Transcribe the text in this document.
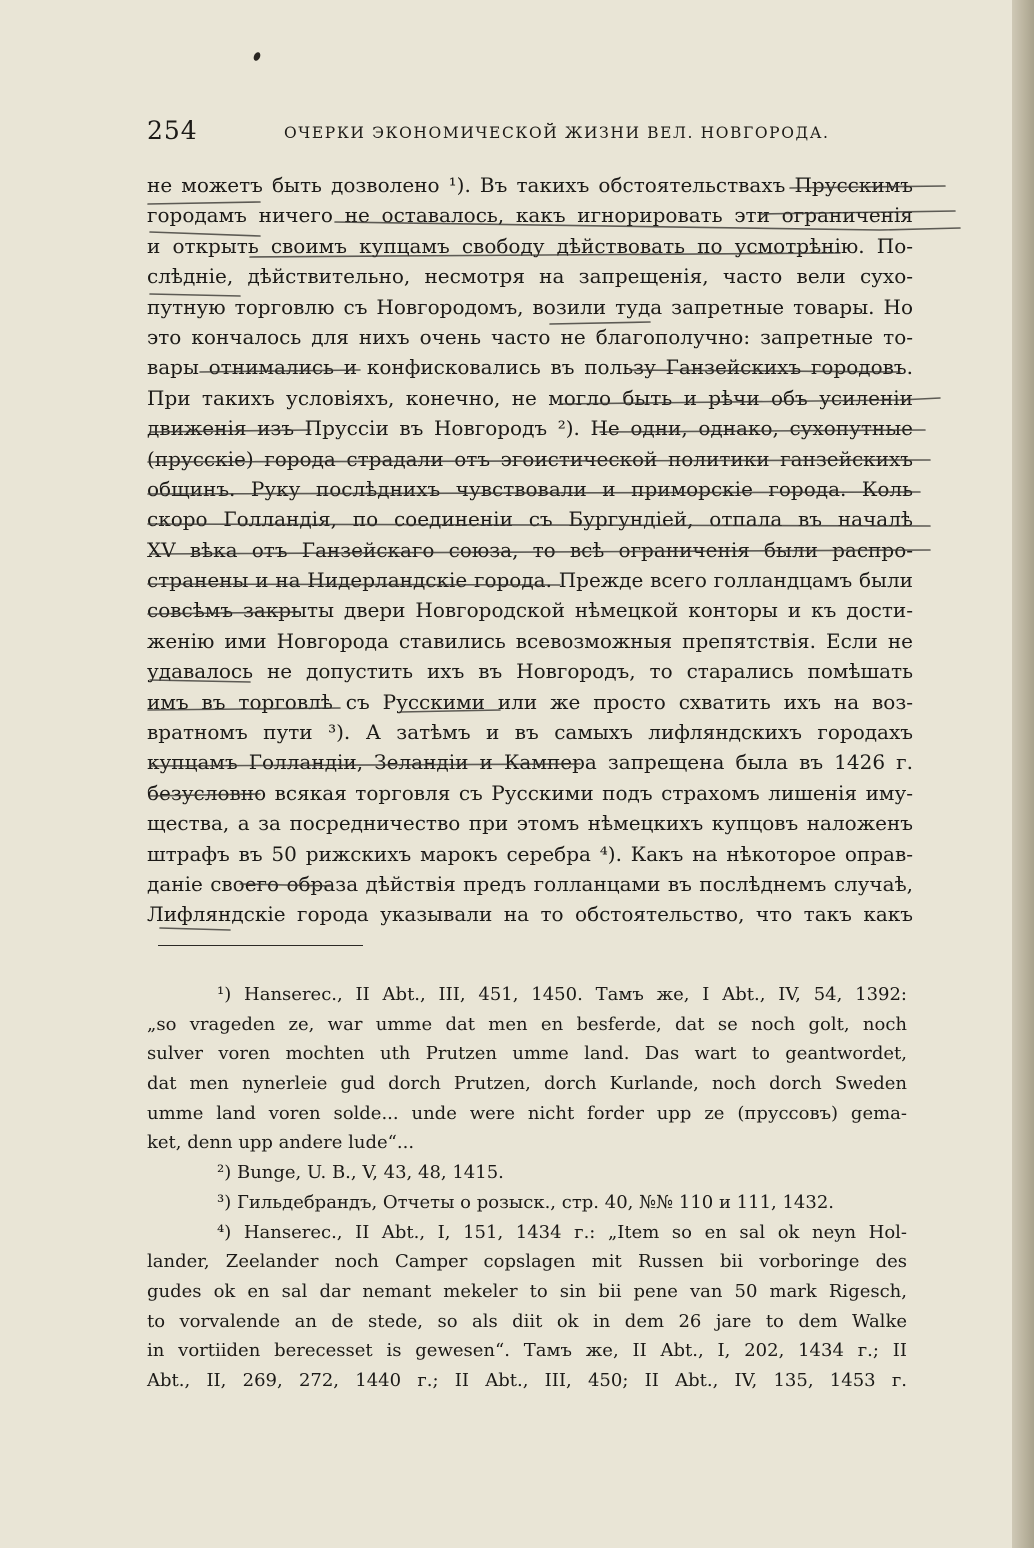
254	ОЧЕРКИ ЭКОНОМИЧЕСКОЙ ЖИЗНИ ВЕЛ. НОВГОРОДА.
не можетъ быть дозволено ¹). Въ такихъ обстоятельствахъ Прусскимъ
городамъ ничего не оставалось, какъ игнорировать эти ограниченія
и открыть своимъ купцамъ свободу дѣйствовать по усмотрѣнію. По-
слѣдніе, дѣйствительно, несмотря на запрещенія, часто вели сухо-
путную торговлю съ Новгородомъ, возили туда запретные товары. Но
это кончалось для нихъ очень часто не благополучно: запретные то-
вары отнимались и конфисковались въ пользу Ганзейскихъ городовъ.
При такихъ условіяхъ, конечно, не могло быть и рѣчи объ усиленіи
движенія изъ Пруссіи въ Новгородъ ²). Не одни, однако, сухопутные
(прусскіе) города страдали отъ эгоистической политики ганзейскихъ
общинъ. Руку послѣднихъ чувствовали и приморскіе города. Коль
скоро Голландія, по соединеніи съ Бургундіей, отпала въ началѣ
XV вѣка отъ Ганзейскаго союза, то всѣ ограниченія были распро-
странены и на Нидерландскіе города. Прежде всего голландцамъ были
совсѣмъ закрыты двери Новгородской нѣмецкой конторы и къ дости-
женію ими Новгорода ставились всевозможныя препятствія. Если не
удавалось не допустить ихъ въ Новгородъ, то старались помѣшать
имъ въ торговлѣ съ Русскими или же просто схватить ихъ на воз-
вратномъ пути ³). А затѣмъ и въ самыхъ лифляндскихъ городахъ
купцамъ Голландіи, Зеландіи и Кампера запрещена была въ 1426 г.
безусловно всякая торговля съ Русскими подъ страхомъ лишенія иму-
щества, а за посредничество при этомъ нѣмецкихъ купцовъ наложенъ
штрафъ въ 50 рижскихъ марокъ серебра ⁴). Какъ на нѣкоторое оправ-
даніе своего образа дѣйствія предъ голланцами въ послѣднемъ случаѣ,
Лифляндскіе города указывали на то обстоятельство, что такъ какъ
¹) Hanserec., II Abt., III, 451, 1450. Тамъ же, I Abt., IV, 54, 1392:
„so vrageden ze, war umme dat men en besferde, dat se noch golt, noch
sulver voren mochten uth Prutzen umme land. Das wart to geantwordet,
dat men nynerleie gud dorch Prutzen, dorch Kurlande, noch dorch Sweden
umme land voren solde... unde were nicht forder upp ze (пруссовъ) gema-
ket, denn upp andere lude“...
²) Bunge, U. B., V, 43, 48, 1415.
³) Гильдебрандъ, Отчеты о розыск., стр. 40, №№ 110 и 111, 1432.
⁴) Hanserec., II Abt., I, 151, 1434 г.: „Item so en sal ok neyn Hol-
lander, Zeelander noch Camper copslagen mit Russen bii vorboringe des
gudes ok en sal dar nemant mekeler to sin bii pene van 50 mark Rigesch,
to vorvalende an de stede, so als diit ok in dem 26 jare to dem Walke
in vortiiden berecesset is gewesen“. Тамъ же, II Abt., I, 202, 1434 г.; II
Abt., II, 269, 272, 1440 г.; II Abt., III, 450; II Abt., IV, 135, 1453 г.
